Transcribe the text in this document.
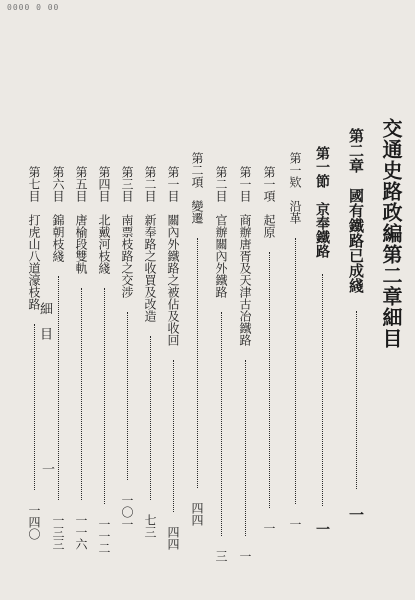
0000 0 00
交通史路政編第二章細目
第二章　國有鐵路已成綫  一
第一節　京奉鐵路  一
第一欵　沿革  一
第一項　起原  一
第一目　商辦唐胥及天津古冶鐵路  一
第二目　官辦關內外鐵路  三
第二項　變遷  四四
第一目　關內外鐵路之被佔及收回  四四
第二目　新奉路之收買及改造  七三
第三目　南票枝路之交涉  一〇一
第四目　北戴河枝綫  一一二
第五目　唐榆段雙軌  一一六
第六目　錦朝枝綫  一三三
第七目　打虎山八道濠枝路  一四〇
細目
一
